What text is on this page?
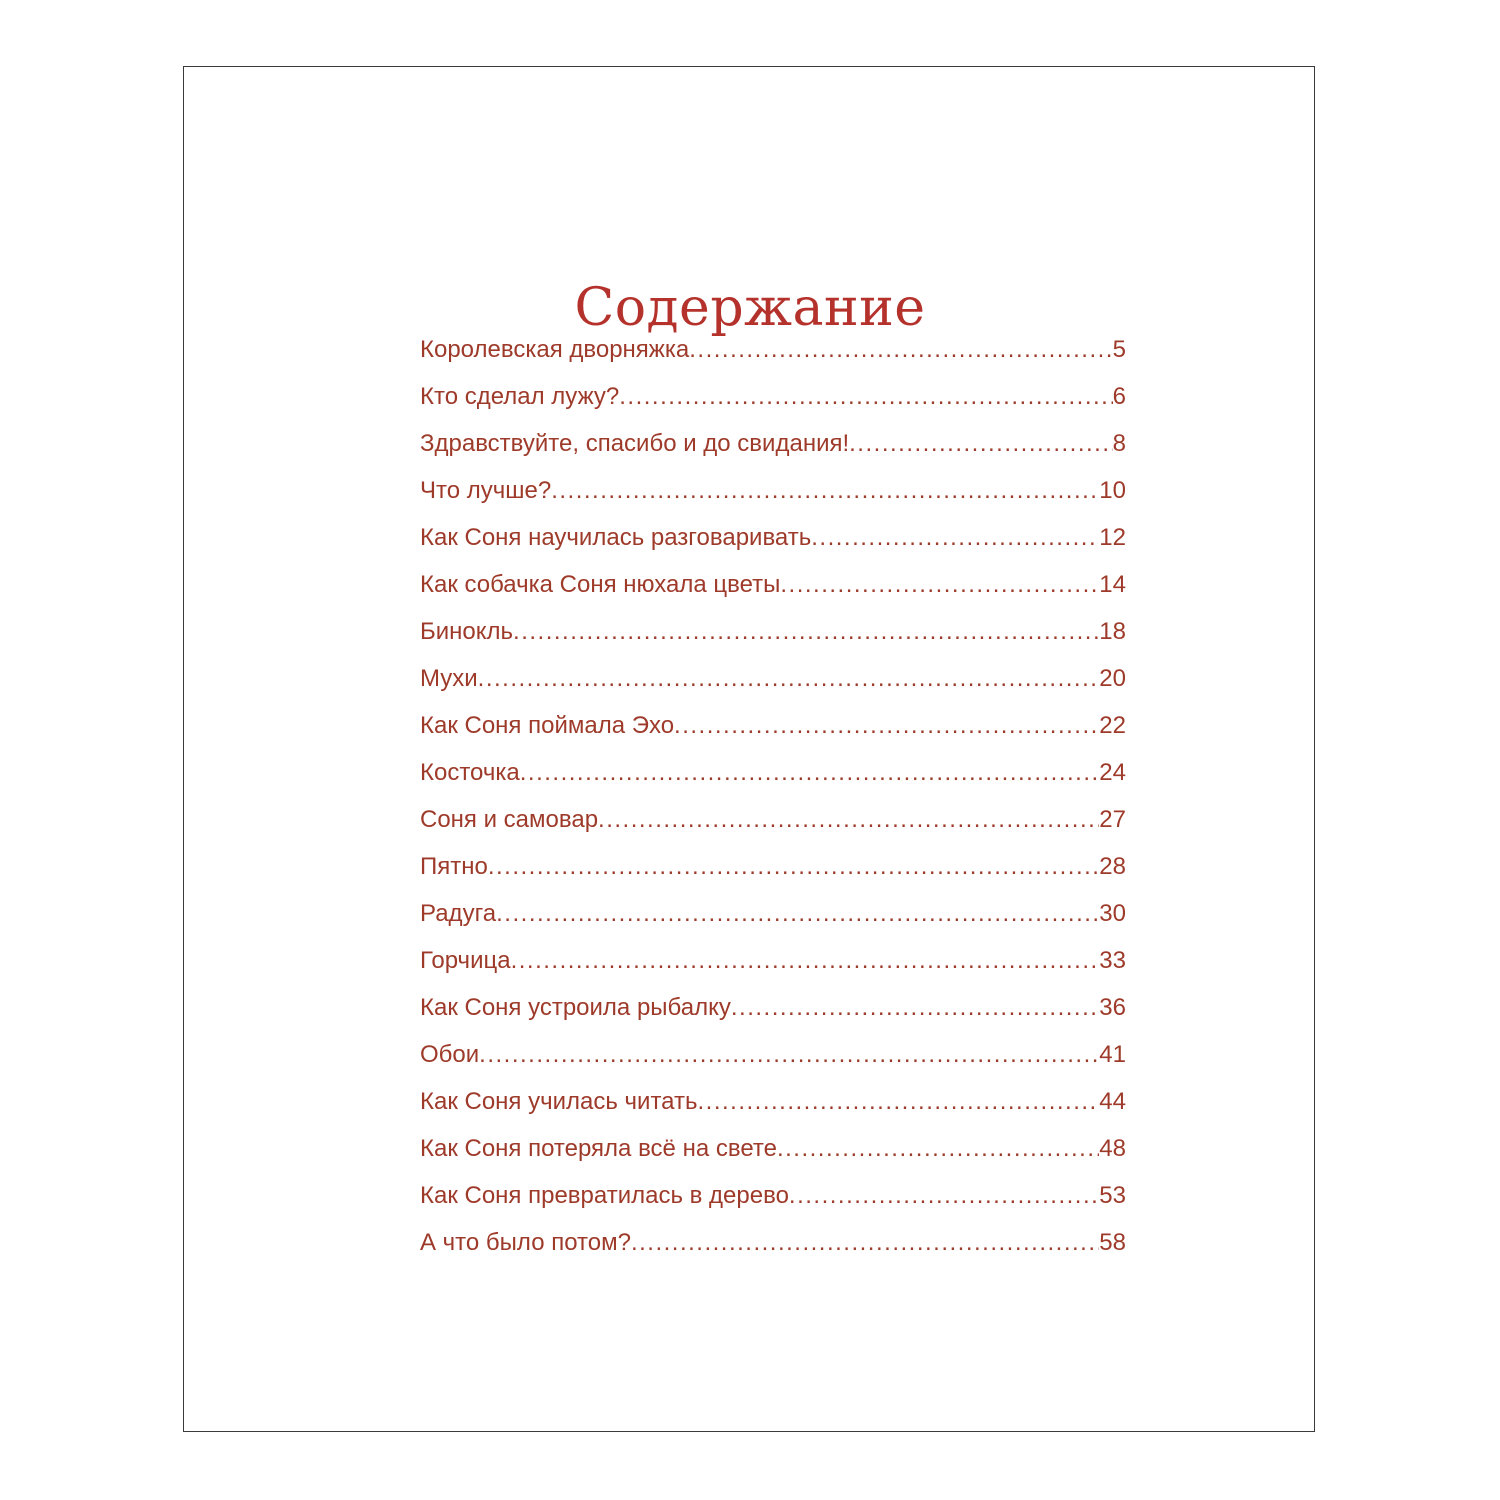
Содержание
Королевская дворняжка .....	5
Кто сделал лужу? .....	6
Здравствуйте, спасибо и до свидания! .....	8
Что лучше? .....	10
Как Соня научилась разговаривать .....	12
Как собачка Соня нюхала цветы .....	14
Бинокль .....	18
Мухи .....	20
Как Соня поймала Эхо .....	22
Косточка .....	24
Соня и самовар .....	27
Пятно .....	28
Радуга .....	30
Горчица .....	33
Как Соня устроила рыбалку .....	36
Обои .....	41
Как Соня училась читать .....	44
Как Соня потеряла всё на свете .....	48
Как Соня превратилась в дерево .....	53
А что было потом? .....	58
